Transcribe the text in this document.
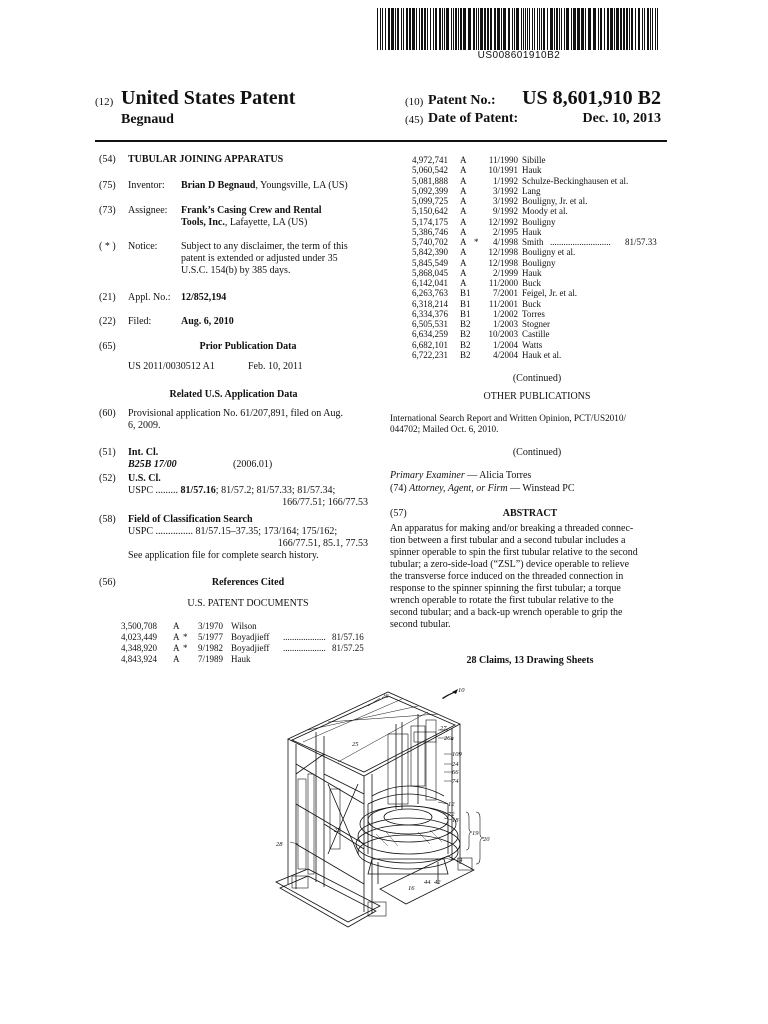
US008601910B2
(12) United States Patent
Begnaud
(10) Patent No.: US 8,601,910 B2
(45) Date of Patent:	Dec. 10, 2013
(54)	TUBULAR JOINING APPARATUS
(75)	Inventor: Brian D Begnaud, Youngsville, LA (US)
(73)	Assignee: Frank’s Casing Crew and Rental
Tools, Inc., Lafayette, LA (US)
( * )	Notice: Subject to any disclaimer, the term of this
patent is extended or adjusted under 35
U.S.C. 154(b) by 385 days.
(21)	Appl. No.: 12/852,194
(22)	Filed:	Aug. 6, 2010
(65)	Prior Publication Data
US 2011/0030512 A1	Feb. 10, 2011
Related U.S. Application Data
(60)	Provisional application No. 61/207,891, filed on Aug.
6, 2009.
(51)	Int. Cl.
B25B 17/00	(2006.01)
(52)	U.S. Cl.
USPC ......... 81/57.16; 81/57.2; 81/57.33; 81/57.34;
166/77.51; 166/77.53
(58)	Field of Classification Search
USPC ............... 81/57.15–37.35; 173/164; 175/162;
166/77.51, 85.1, 77.53
See application file for complete search history.
(56)	References Cited
U.S. PATENT DOCUMENTS
3,500,708 A 3/1970 Wilson
4,023,449 A * 5/1977 Boyadjieff ................... 81/57.16
4,348,920 A * 9/1982 Boyadjieff ................... 81/57.25
4,843,924 A 7/1989 Hauk
4,972,741 A	11/1990 Sibille
5,060,542 A	10/1991 Hauk
5,081,888 A	1/1992 Schulze-Beckinghausen et al.
5,092,399 A	3/1992 Lang
5,099,725 A	3/1992 Bouligny, Jr. et al.
5,150,642 A	9/1992 Moody et al.
5,174,175 A	12/1992 Bouligny
5,386,746 A	2/1995 Hauk
5,740,702 A *	4/1998 Smith ........................... 81/57.33
5,842,390 A	12/1998 Bouligny et al.
5,845,549 A	12/1998 Bouligny
5,868,045 A	2/1999 Hauk
6,142,041 A	11/2000 Buck
6,263,763 B1	7/2001 Feigel, Jr. et al.
6,318,214 B1	11/2001 Buck
6,334,376 B1	1/2002 Torres
6,505,531 B2	1/2003 Stogner
6,634,259 B2	10/2003 Castille
6,682,101 B2	1/2004 Watts
6,722,231 B2	4/2004 Hauk et al.
(Continued)
OTHER PUBLICATIONS
International Search Report and Written Opinion, PCT/US2010/
044702; Mailed Oct. 6, 2010.
(Continued)
Primary Examiner — Alicia Torres
(74) Attorney, Agent, or Firm — Winstead PC
(57)	ABSTRACT
An apparatus for making and/or breaking a threaded connec-
tion between a first tubular and a second tubular includes a
spinner operable to spin the first tubular relative to the second
tubular; a zero-side-load (“ZSL”) device operable to relieve
the transverse force induced on the threaded connection in
response to the spinner spinning the first tubular; a torque
wrench operable to rotate the first tubular relative to the
second tubular; and a back-up wrench operable to grip the
second tubular.
28 Claims, 13 Drawing Sheets
10
26
27
26a
109
24
66
74
12
72
18
19
20
14
44 42
16
28
22
25
